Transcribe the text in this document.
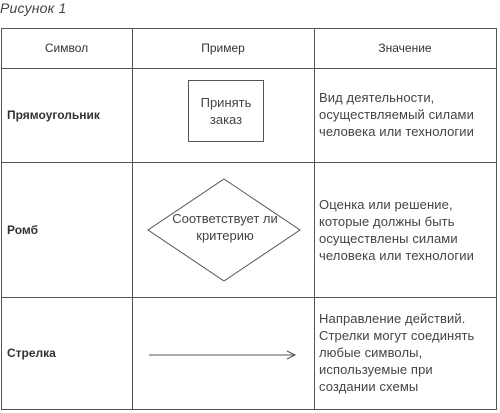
Рисунок 1
Символ	Пример	Значение
Прямоугольник
Принять
заказ
Вид деятельности,
осуществляемый силами
человека или технологии
Ромб
Соответствует ли
критерию
Оценка или решение,
которые должны быть
осуществлены силами
человека или технологии
Стрелка
Направление действий.
Стрелки могут соединять
любые символы,
используемые при
создании схемы
